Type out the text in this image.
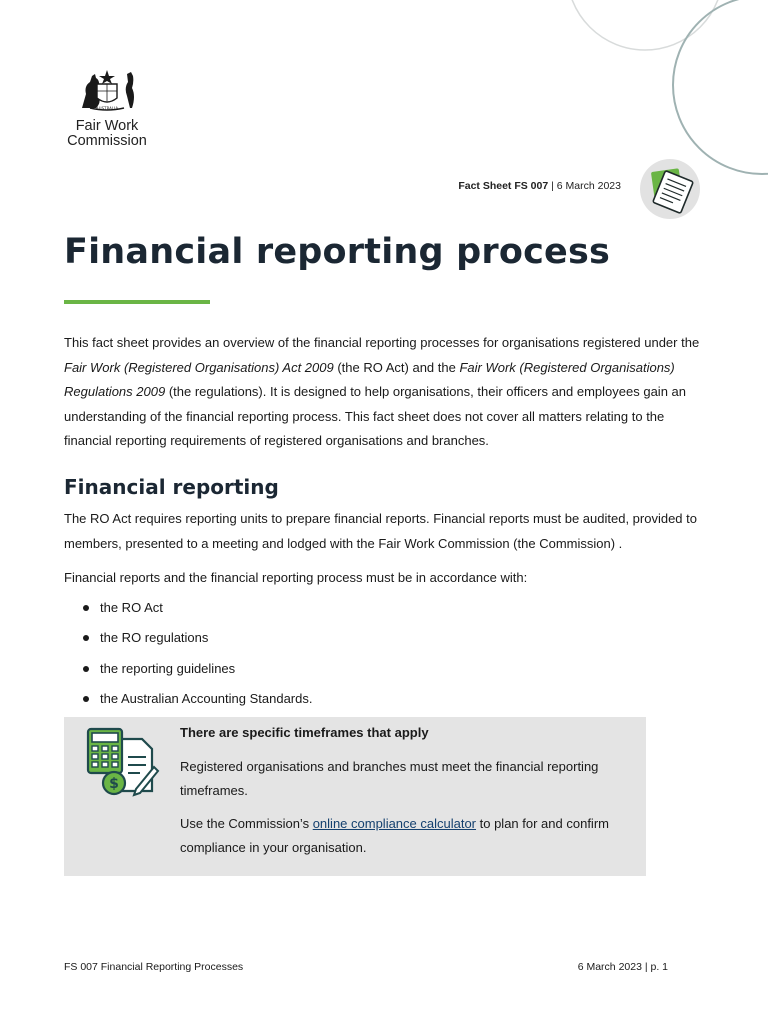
AUSTRALIA
Fair Work
Commission
Fact Sheet FS 007 | 6 March 2023
Financial reporting process
This fact sheet provides an overview of the financial reporting processes for organisations registered under the Fair Work (Registered Organisations) Act 2009 (the RO Act) and the Fair Work (Registered Organisations) Regulations 2009 (the regulations). It is designed to help organisations, their officers and employees gain an understanding of the financial reporting process. This fact sheet does not cover all matters relating to the financial reporting requirements of registered organisations and branches.
Financial reporting
The RO Act requires reporting units to prepare financial reports. Financial reports must be audited, provided to members, presented to a meeting and lodged with the Fair Work Commission (the Commission) .
Financial reports and the financial reporting process must be in accordance with:
the RO Act
the RO regulations
the reporting guidelines
the Australian Accounting Standards.
$

There are specific timeframes that apply

Registered organisations and branches must meet the financial reporting timeframes.

Use the Commission’s online compliance calculator to plan for and confirm compliance in your organisation.

FS 007 Financial Reporting Processes	6 March 2023 | p. 1
